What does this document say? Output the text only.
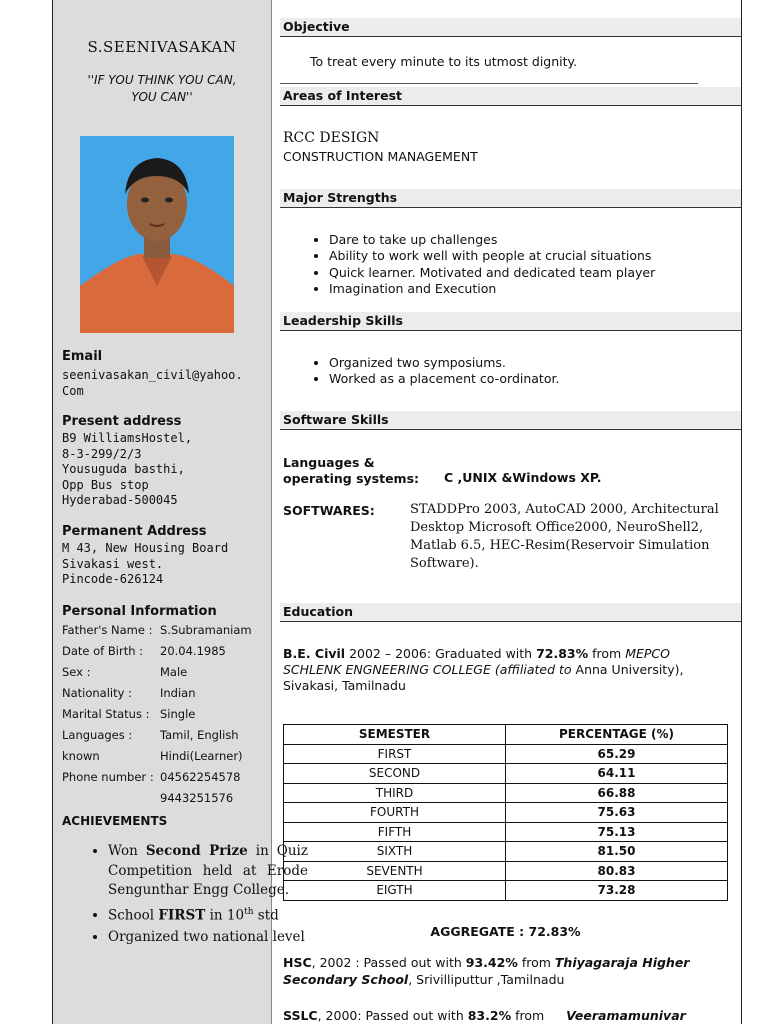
S.SEENIVASAKAN
''IF YOU THINK YOU CAN,
YOU CAN''
Email
seenivasakan_civil@yahoo.
Com
Present address
B9 WilliamsHostel,
8-3-299/2/3
Yousuguda basthi,
Opp Bus stop
Hyderabad-500045
Permanent Address
M 43, New Housing Board
Sivakasi west.
Pincode-626124
Personal Information
Father's Name : S.Subramaniam
Date of Birth : 20.04.1985
Sex :	Male
Nationality : Indian
Marital Status : Single
Languages : Tamil, English
known	Hindi(Learner)
Phone number : 04562254578
9443251576
ACHIEVEMENTS
• Won Second Prize in Quiz Competition held at Erode Sengunthar Engg College.
• School FIRST in 10th std
• Organized two national level
Objective
To treat every minute to its utmost dignity.
Areas of Interest
RCC DESIGN
CONSTRUCTION MANAGEMENT
Major Strengths
• Dare to take up challenges
• Ability to work well with people at crucial situations
• Quick learner. Motivated and dedicated team player
• Imagination and Execution
Leadership Skills
• Organized two symposiums.
• Worked as a placement co-ordinator.
Software Skills
Languages &
operating systems: C ,UNIX &Windows XP.
SOFTWARES:	STADDPro 2003, AutoCAD 2000, Architectural
Desktop Microsoft Office2000, NeuroShell2,
Matlab 6.5, HEC-Resim(Reservoir Simulation
Software).
Education
B.E. Civil 2002 – 2006: Graduated with 72.83% from MEPCO SCHLENK ENGNEERING COLLEGE (affiliated to Anna University),
Sivakasi, Tamilnadu
SEMESTER	PERCENTAGE (%)
FIRST	65.29
SECOND	64.11
THIRD	66.88
FOURTH	75.63
FIFTH	75.13
SIXTH	81.50
SEVENTH	80.83
EIGTH	73.28
AGGREGATE : 72.83%
HSC, 2002 : Passed out with 93.42% from Thiyagaraja Higher Secondary School, Srivilliputtur ,Tamilnadu
SSLC, 2000: Passed out with 83.2% from Veeramamunivar
